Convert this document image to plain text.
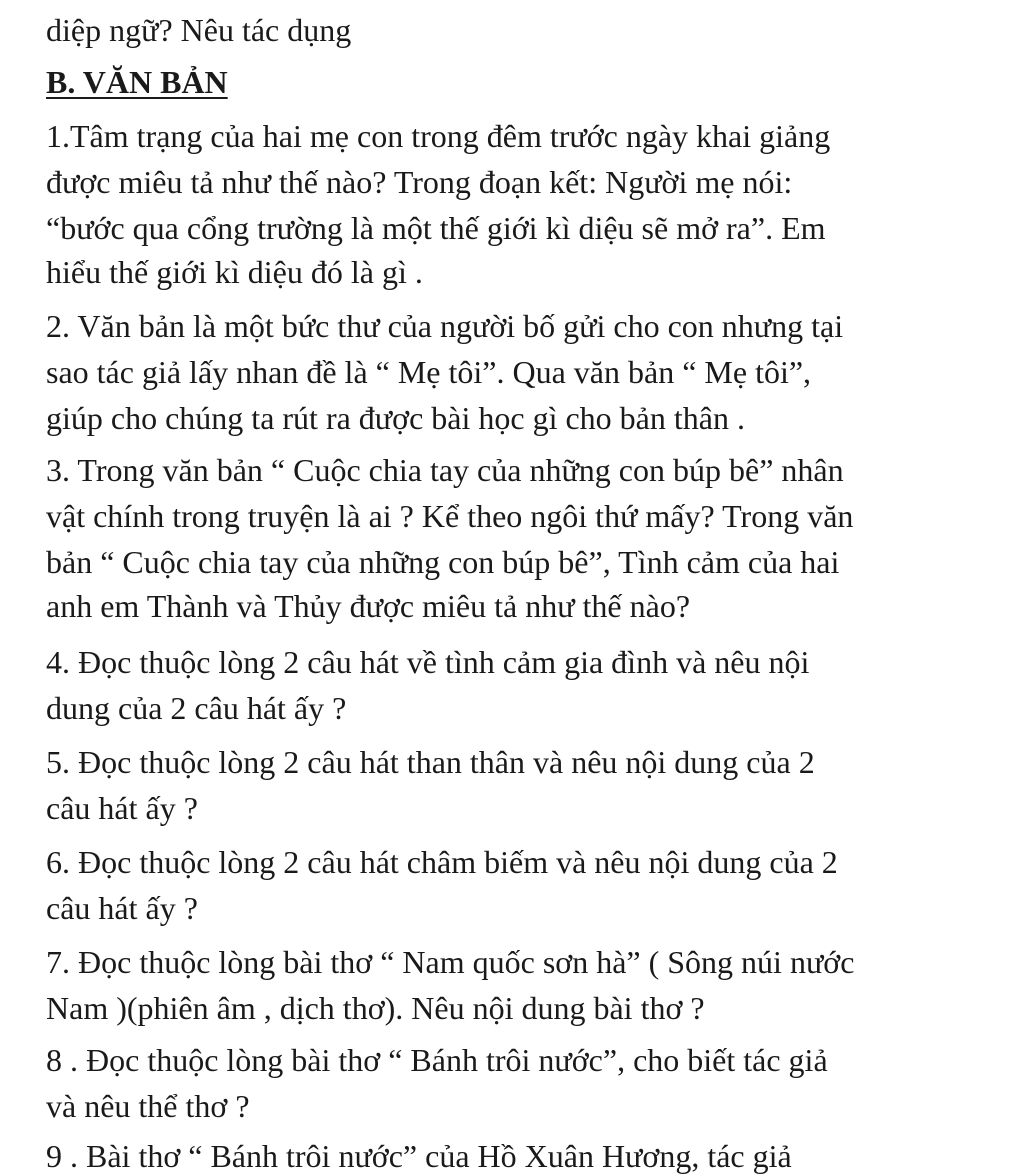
diệp ngữ? Nêu tác dụng
B. VĂN BẢN
1.Tâm trạng của hai mẹ con trong đêm trước ngày khai giảng
được miêu tả như thế nào? Trong đoạn kết: Người mẹ nói:
“bước qua cổng trường là một thế giới kì diệu sẽ mở ra”. Em
hiểu thế giới kì diệu đó là gì .
2. Văn bản là một bức thư của người bố gửi cho con nhưng tại
sao tác giả lấy nhan đề là “ Mẹ tôi”. Qua văn bản “ Mẹ tôi”,
giúp cho chúng ta rút ra được bài học gì cho bản thân .
3. Trong văn bản “ Cuộc chia tay của những con búp bê” nhân
vật chính trong truyện là ai ? Kể theo ngôi thứ mấy? Trong văn
bản “ Cuộc chia tay của những con búp bê”, Tình cảm của hai
anh em Thành và Thủy được miêu tả như thế nào?
4. Đọc thuộc lòng 2 câu hát về tình cảm gia đình và nêu nội
dung của 2 câu hát ấy ?
5. Đọc thuộc lòng 2 câu hát than thân và nêu nội dung của 2
câu hát ấy ?
6. Đọc thuộc lòng 2 câu hát châm biếm và nêu nội dung của 2
câu hát ấy ?
7. Đọc thuộc lòng bài thơ “ Nam quốc sơn hà” ( Sông núi nước
Nam )(phiên âm , dịch thơ). Nêu nội dung bài thơ ?
8 . Đọc thuộc lòng bài thơ “ Bánh trôi nước”, cho biết tác giả
và nêu thể thơ ?
9 . Bài thơ “ Bánh trôi nước” của Hồ Xuân Hương, tác giả
